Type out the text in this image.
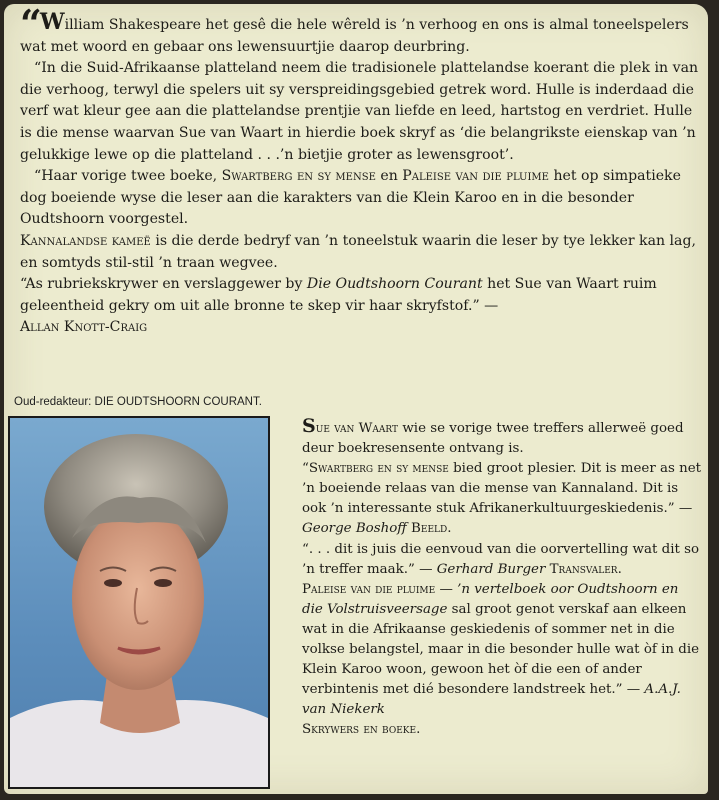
“William Shakespeare het gesê die hele wêreld is ’n verhoog en ons is almal toneelspelers wat met woord en gebaar ons lewensuurtjie daarop deurbring.

“In die Suid-Afrikaanse platteland neem die tradisionele plattelandse koerant die plek in van die verhoog, terwyl die spelers uit sy verspreidingsgebied getrek word. Hulle is inderdaad die verf wat kleur gee aan die plattelandse prentjie van liefde en leed, hartstog en verdriet. Hulle is die mense waarvan Sue van Waart in hierdie boek skryf as ‘die belangrikste eienskap van ’n gelukkige lewe op die platteland . . .’n bietjie groter as lewensgroot’.

“Haar vorige twee boeke, Swartberg en sy mense en Paleise van die pluime het op simpatieke dog boeiende wyse die leser aan die karakters van die Klein Karoo en in die besonder Oudtshoorn voorgestel.

Kannalandse kameë is die derde bedryf van ’n toneelstuk waarin die leser by tye lekker kan lag, en somtyds stil-stil ’n traan wegvee.

“As rubriekskrywer en verslaggewer by Die Oudtshoorn Courant het Sue van Waart ruim geleentheid gekry om uit alle bronne te skep vir haar skryfstof.” —
Allan Knott-Craig

Oud-redakteur: DIE OUDTSHOORN COURANT.

Sue van Waart wie se vorige twee treffers allerweë goed deur boekresensente ontvang is.

“Swartberg en sy mense bied groot plesier. Dit is meer as net ’n boeiende relaas van die mense van Kannaland. Dit is ook ’n interessante stuk Afrikanerkultuurgeskiedenis.” — George Boshoff Beeld.

“. . . dit is juis die eenvoud van die oorvertelling wat dit so ’n treffer maak.” — Gerhard Burger Transvaler.

Paleise van die pluime — ’n vertelboek oor Oudtshoorn en die Volstruisveersage sal groot genot verskaf aan elkeen wat in die Afrikaanse geskiedenis of sommer net in die volkse belangstel, maar in die besonder hulle wat òf in die Klein Karoo woon, gewoon het òf die een of ander verbintenis met dié besondere landstreek het.” — A.A.J. van Niekerk
Skrywers en boeke.
